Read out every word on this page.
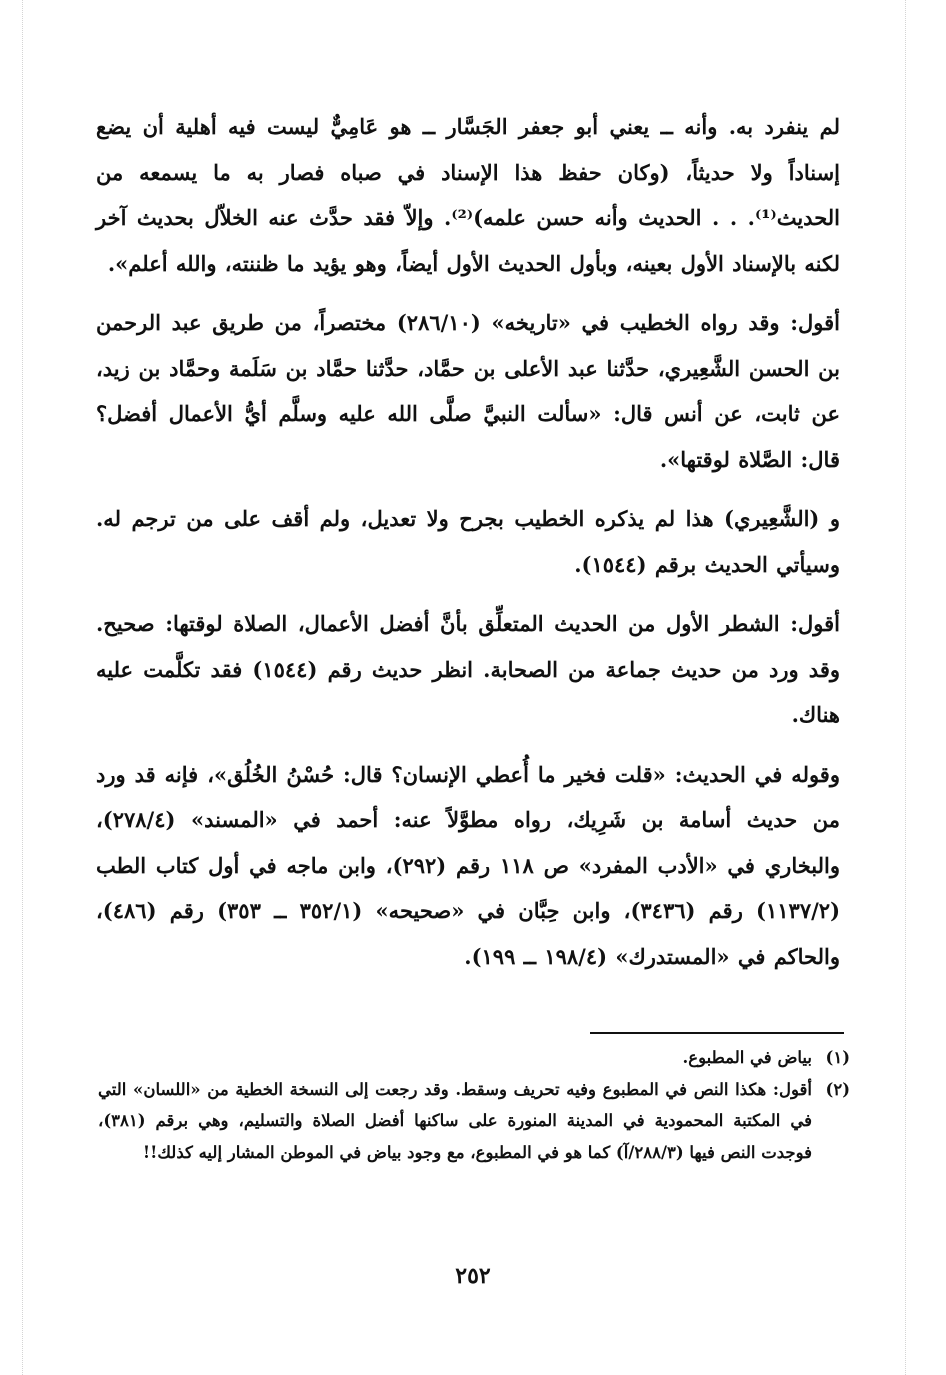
لم ينفرد به. وأنه ــ يعني أبو جعفر الجَسَّار ــ هو عَامِيٌّ ليست فيه أهلية أن يضع إسناداً ولا حديثاً، (وكان حفظ هذا الإسناد في صباه فصار به ما يسمعه من الحديث⁽¹⁾. . . الحديث وأنه حسن علمه)⁽²⁾. وإلاّ فقد حدَّث عنه الخلاّل بحديث آخر لكنه بالإسناد الأول بعينه، وبأول الحديث الأول أيضاً، وهو يؤيد ما ظننته، والله أعلم».

أقول: وقد رواه الخطيب في «تاريخه» (٢٨٦/١٠) مختصراً، من طريق عبد الرحمن بن الحسن الشَّعِيري، حدَّثنا عبد الأعلى بن حمَّاد، حدَّثنا حمَّاد بن سَلَمة وحمَّاد بن زيد، عن ثابت، عن أنس قال: «سألت النبيَّ صلَّى الله عليه وسلَّم أيُّ الأعمال أفضل؟ قال: الصَّلاة لوقتها».

و (الشَّعِيري) هذا لم يذكره الخطيب بجرح ولا تعديل، ولم أقف على من ترجم له. وسيأتي الحديث برقم (١٥٤٤).

أقول: الشطر الأول من الحديث المتعلِّق بأنَّ أفضل الأعمال، الصلاة لوقتها: صحيح. وقد ورد من حديث جماعة من الصحابة. انظر حديث رقم (١٥٤٤) فقد تكلَّمت عليه هناك.

وقوله في الحديث: «قلت فخير ما أُعطي الإنسان؟ قال: حُسْنُ الخُلُق»، فإنه قد ورد من حديث أسامة بن شَرِيك، رواه مطوَّلاً عنه: أحمد في «المسند» (٢٧٨/٤)، والبخاري في «الأدب المفرد» ص ١١٨ رقم (٢٩٢)، وابن ماجه في أول كتاب الطب (١١٣٧/٢) رقم (٣٤٣٦)، وابن حِبَّان في «صحيحه» (٣٥٢/١ ــ ٣٥٣) رقم (٤٨٦)، والحاكم في «المستدرك» (١٩٨/٤ ــ ١٩٩).

(١)
بياض في المطبوع.
(٢)
أقول: هكذا النص في المطبوع وفيه تحريف وسقط. وقد رجعت إلى النسخة الخطية من «اللسان» التي في المكتبة المحمودية في المدينة المنورة على ساكنها أفضل الصلاة والتسليم، وهي برقم (٣٨١)، فوجدت النص فيها (٢٨٨/٣/آ) كما هو في المطبوع، مع وجود بياض في الموطن المشار إليه كذلك!!
٢٥٢
